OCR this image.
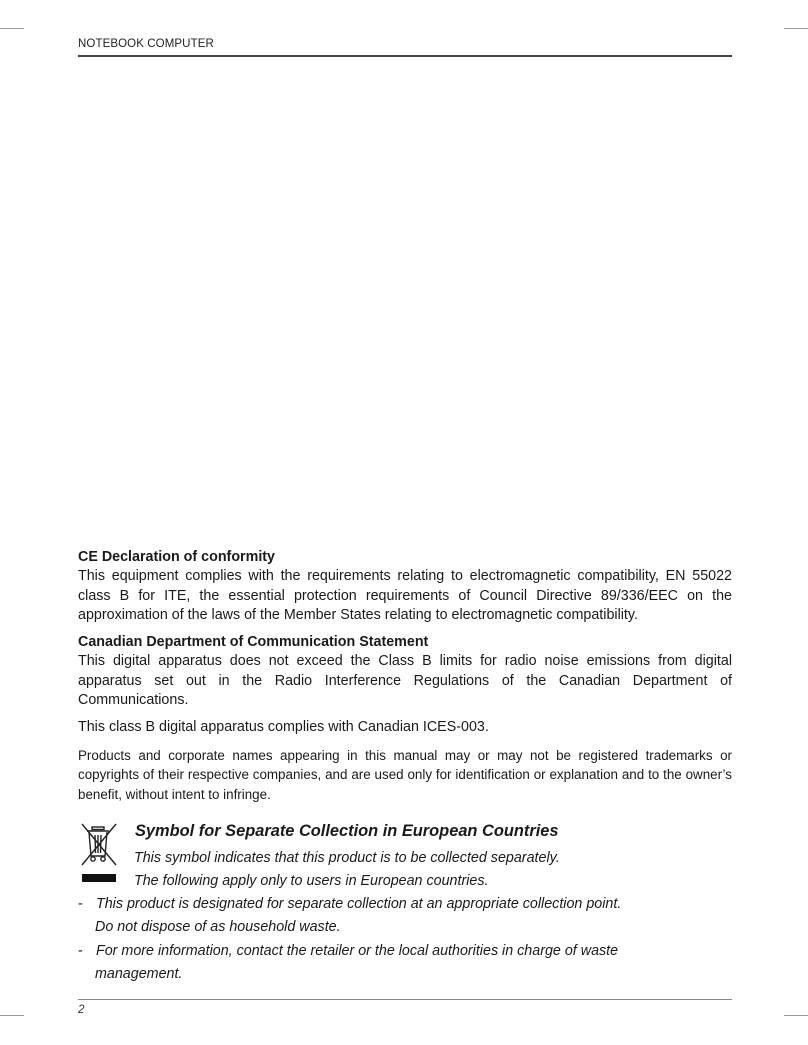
NOTEBOOK COMPUTER

CE Declaration of conformity

This equipment complies with the requirements relating to electromagnetic compatibility, EN 55022 class B for ITE, the essential protection requirements of Council Directive 89/336/EEC on the approximation of the laws of the Member States relating to electromagnetic compatibility.

Canadian Department of Communication Statement

This digital apparatus does not exceed the Class B limits for radio noise emissions from digital apparatus set out in the Radio Interference Regulations of the Canadian Department of Communications.

This class B digital apparatus complies with Canadian ICES-003.

Products and corporate names appearing in this manual may or may not be registered trademarks or copyrights of their respective companies, and are used only for identification or explanation and to the owner’s benefit, without intent to infringe.

Symbol for Separate Collection in European Countries
This symbol indicates that this product is to be collected separately.
The following apply only to users in European countries.
- This product is designated for separate collection at an appropriate collection point.
Do not dispose of as household waste.
- For more information, contact the retailer or the local authorities in charge of waste
management.
2
